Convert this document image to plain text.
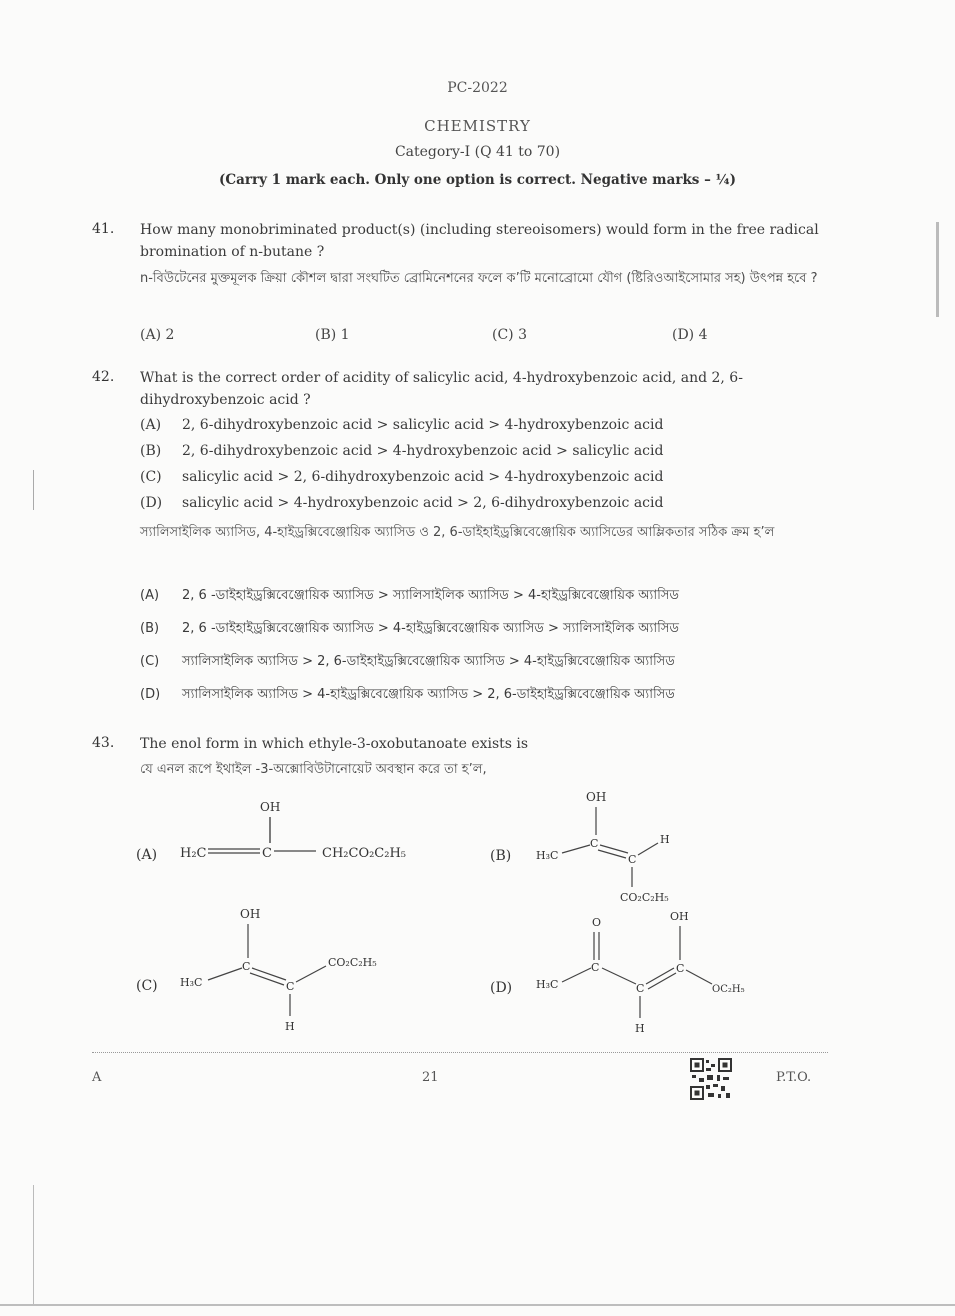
PC-2022
CHEMISTRY
Category-I (Q 41 to 70)
(Carry 1 mark each. Only one option is correct. Negative marks – ¼)
41. How many monobriminated product(s) (including stereoisomers) would form in the free radical bromination of n-butane ?
n-বিউটেনের মুক্তমূলক ক্রিয়া কৌশল দ্বারা সংঘটিত ব্রোমিনেশনের ফলে ক’টি মনোব্রোমো যৌগ (ষ্টিরিওআইসোমার সহ) উৎপন্ন হবে ?
(A) 2	(B) 1	(C) 3	(D) 4
42. What is the correct order of acidity of salicylic acid, 4-hydroxybenzoic acid, and 2, 6-dihydroxybenzoic acid ?
(A) 2, 6-dihydroxybenzoic acid > salicylic acid > 4-hydroxybenzoic acid
(B) 2, 6-dihydroxybenzoic acid > 4-hydroxybenzoic acid > salicylic acid
(C) salicylic acid > 2, 6-dihydroxybenzoic acid > 4-hydroxybenzoic acid
(D) salicylic acid > 4-hydroxybenzoic acid > 2, 6-dihydroxybenzoic acid
স্যালিসাইলিক অ্যাসিড, 4-হাইড্রক্সিবেঞ্জোয়িক অ্যাসিড ও 2, 6-ডাইহাইড্রক্সিবেঞ্জোয়িক অ্যাসিডের আম্লিকতার সঠিক ক্রম হ’ল
(A) 2, 6 -ডাইহাইড্রক্সিবেঞ্জোয়িক অ্যাসিড > স্যালিসাইলিক অ্যাসিড > 4-হাইড্রক্সিবেঞ্জোয়িক অ্যাসিড
(B) 2, 6 -ডাইহাইড্রক্সিবেঞ্জোয়িক অ্যাসিড > 4-হাইড্রক্সিবেঞ্জোয়িক অ্যাসিড > স্যালিসাইলিক অ্যাসিড
(C) স্যালিসাইলিক অ্যাসিড > 2, 6-ডাইহাইড্রক্সিবেঞ্জোয়িক অ্যাসিড > 4-হাইড্রক্সিবেঞ্জোয়িক অ্যাসিড
(D) স্যালিসাইলিক অ্যাসিড > 4-হাইড্রক্সিবেঞ্জোয়িক অ্যাসিড > 2, 6-ডাইহাইড্রক্সিবেঞ্জোয়িক অ্যাসিড
43. The enol form in which ethyle-3-oxobutanoate exists is
যে এনল রূপে ইথাইল -3-অক্সোবিউটানোয়েট অবস্থান করে তা হ’ল,
(A)
OH
H₂C	C	CH₂CO₂C₂H₅	(B)
OH
C
H₃C	C
H
CO₂C₂H₅
(C)
OH
C
H₃C	C
CO₂C₂H₅
H
(D)
O
C
H₃C	C
H
C
OH
OC₂H₅
A	21	P.T.O.
